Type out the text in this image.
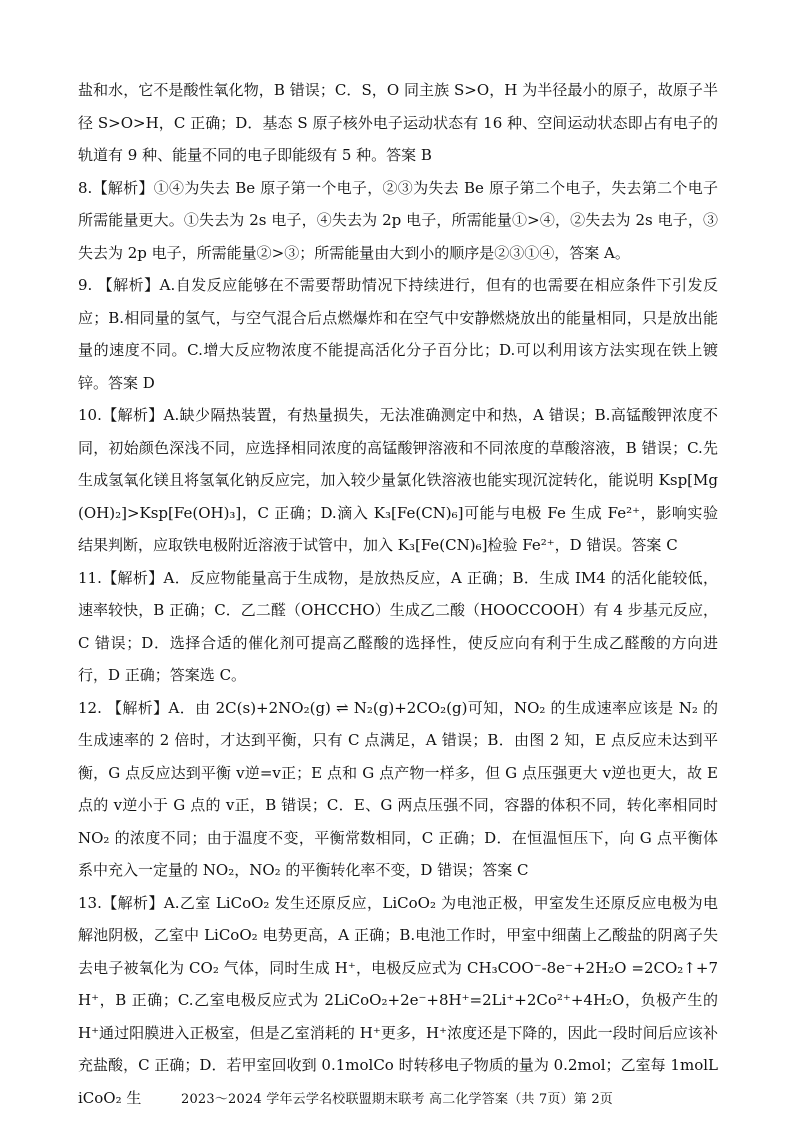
盐和水，它不是酸性氧化物，B 错误；C．S，O 同主族 S>O，H 为半径最小的原子，故原子半径 S>O>H，C 正确；D．基态 S 原子核外电子运动状态有 16 种、空间运动状态即占有电子的轨道有 9 种、能量不同的电子即能级有 5 种。答案 B

8.【解析】①④为失去 Be 原子第一个电子，②③为失去 Be 原子第二个电子，失去第二个电子所需能量更大。①失去为 2s 电子，④失去为 2p 电子，所需能量①>④，②失去为 2s 电子，③失去为 2p 电子，所需能量②>③；所需能量由大到小的顺序是②③①④，答案 A。

9. 【解析】A.自发反应能够在不需要帮助情况下持续进行，但有的也需要在相应条件下引发反应；B.相同量的氢气，与空气混合后点燃爆炸和在空气中安静燃烧放出的能量相同，只是放出能量的速度不同。C.增大反应物浓度不能提高活化分子百分比；D.可以利用该方法实现在铁上镀锌。答案 D

10.【解析】A.缺少隔热装置，有热量损失，无法准确测定中和热，A 错误；B.高锰酸钾浓度不同，初始颜色深浅不同，应选择相同浓度的高锰酸钾溶液和不同浓度的草酸溶液，B 错误；C.先生成氢氧化镁且将氢氧化钠反应完，加入较少量氯化铁溶液也能实现沉淀转化，能说明 Ksp[Mg(OH)₂]>Ksp[Fe(OH)₃]，C 正确；D.滴入 K₃[Fe(CN)₆]可能与电极 Fe 生成 Fe²⁺，影响实验结果判断，应取铁电极附近溶液于试管中，加入 K₃[Fe(CN)₆]检验 Fe²⁺，D 错误。答案 C

11.【解析】A．反应物能量高于生成物，是放热反应，A 正确；B．生成 IM4 的活化能较低，速率较快，B 正确；C．乙二醛（OHCCHO）生成乙二酸（HOOCCOOH）有 4 步基元反应，C 错误；D．选择合适的催化剂可提高乙醛酸的选择性，使反应向有利于生成乙醛酸的方向进行，D 正确；答案选 C。

12. 【解析】A．由 2C(s)+2NO₂(g) ⇌ N₂(g)+2CO₂(g)可知，NO₂ 的生成速率应该是 N₂ 的生成速率的 2 倍时，才达到平衡，只有 C 点满足，A 错误；B．由图 2 知，E 点反应未达到平衡，G 点反应达到平衡 v逆=v正；E 点和 G 点产物一样多，但 G 点压强更大 v逆也更大，故 E 点的 v逆小于 G 点的 v正，B 错误；C．E、G 两点压强不同，容器的体积不同，转化率相同时 NO₂ 的浓度不同；由于温度不变，平衡常数相同，C 正确；D．在恒温恒压下，向 G 点平衡体系中充入一定量的 NO₂，NO₂ 的平衡转化率不变，D 错误；答案 C

13.【解析】A.乙室 LiCoO₂ 发生还原反应，LiCoO₂ 为电池正极，甲室发生还原反应电极为电解池阴极，乙室中 LiCoO₂ 电势更高，A 正确；B.电池工作时，甲室中细菌上乙酸盐的阴离子失去电子被氧化为 CO₂ 气体，同时生成 H⁺，电极反应式为 CH₃COO⁻-8e⁻+2H₂O =2CO₂↑+7H⁺，B 正确；C.乙室电极反应式为 2LiCoO₂+2e⁻+8H⁺=2Li⁺+2Co²⁺+4H₂O，负极产生的 H⁺通过阳膜进入正极室，但是乙室消耗的 H⁺更多，H⁺浓度还是下降的，因此一段时间后应该补充盐酸，C 正确；D．若甲室回收到 0.1molCo 时转移电子物质的量为 0.2mol；乙室每 1molLiCoO₂ 生	2023～2024 学年云学名校联盟期末联考 高二化学答案（共 7页）第 2页
